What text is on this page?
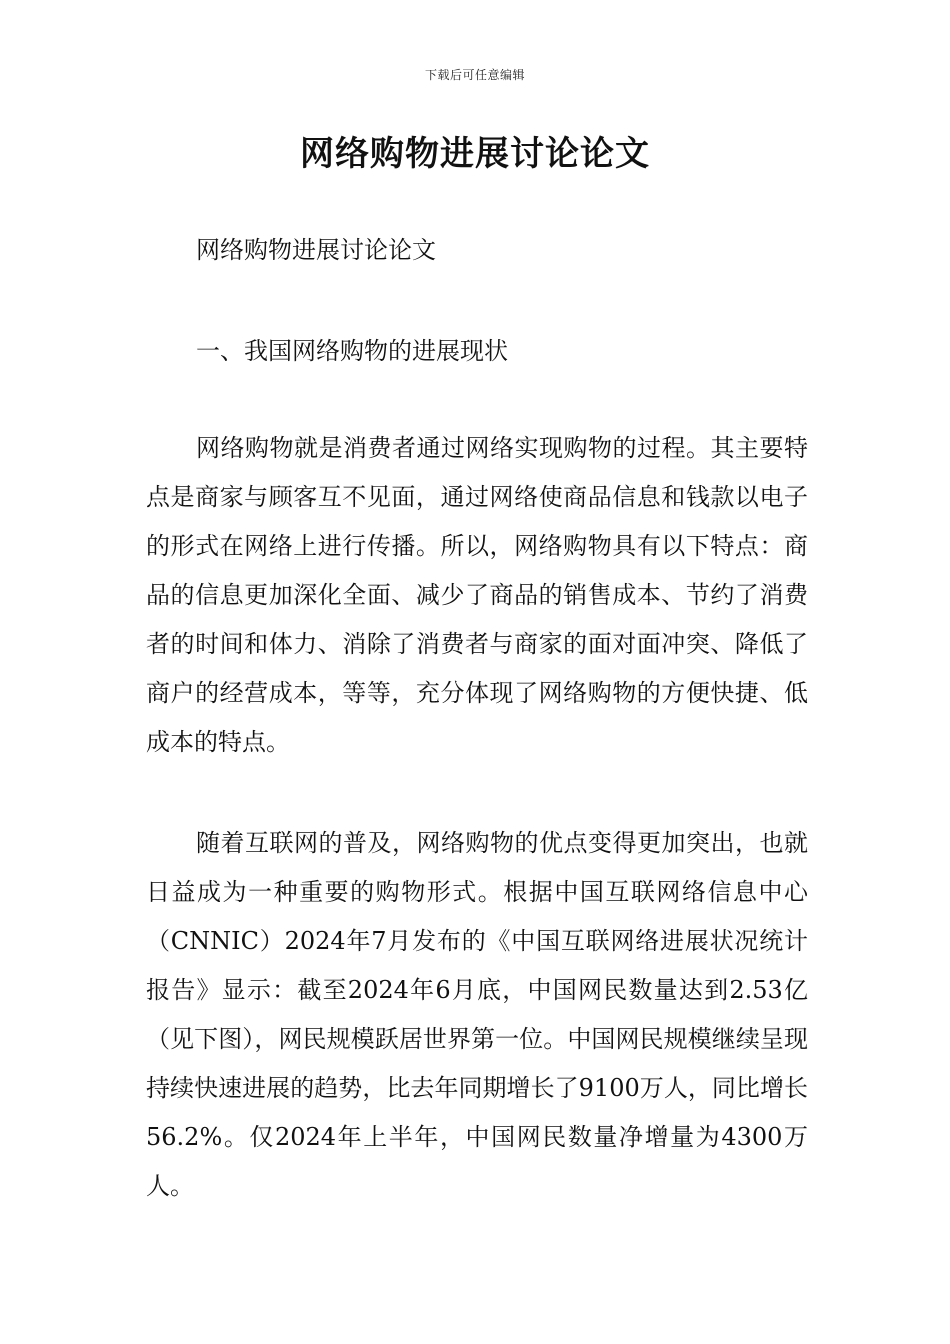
下载后可任意编辑
网络购物进展讨论论文

网络购物进展讨论论文

一、我国网络购物的进展现状

网络购物就是消费者通过网络实现购物的过程。其主要特点是商家与顾客互不见面，通过网络使商品信息和钱款以电子的形式在网络上进行传播。所以，网络购物具有以下特点：商品的信息更加深化全面、减少了商品的销售成本、节约了消费者的时间和体力、消除了消费者与商家的面对面冲突、降低了商户的经营成本，等等，充分体现了网络购物的方便快捷、低成本的特点。

随着互联网的普及，网络购物的优点变得更加突出，也就日益成为一种重要的购物形式。根据中国互联网络信息中心（CNNIC）2024年7月发布的《中国互联网络进展状况统计报告》显示：截至2024年6月底，中国网民数量达到2.53亿（见下图），网民规模跃居世界第一位。中国网民规模继续呈现持续快速进展的趋势，比去年同期增长了9100万人，同比增长56.2%。仅2024年上半年，中国网民数量净增量为4300万人。
